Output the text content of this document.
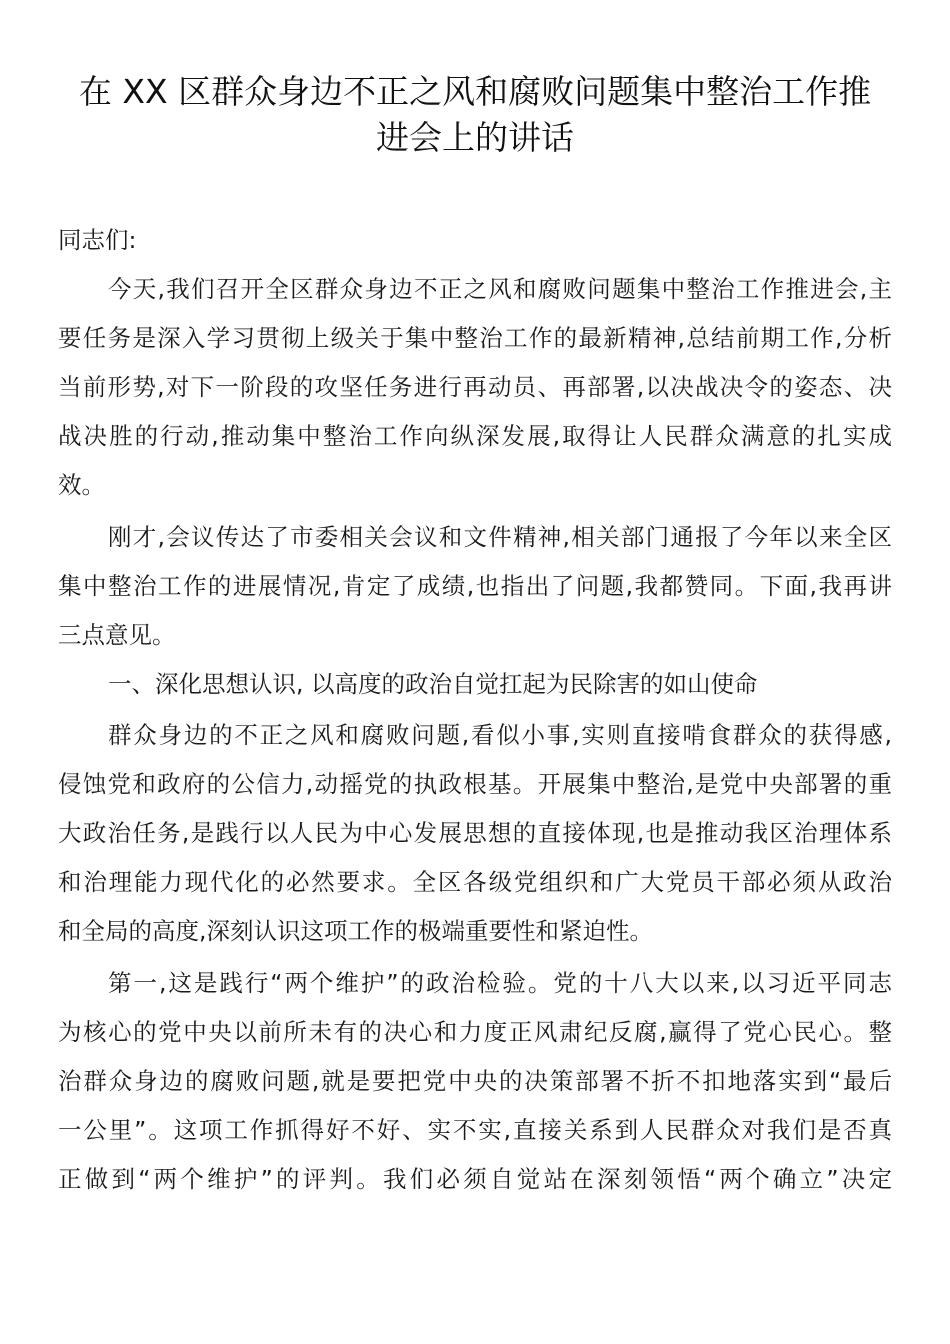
在 XX 区群众身边不正之风和腐败问题集中整治工作推
进会上的讲话
同志们:
今天,我们召开全区群众身边不正之风和腐败问题集中整治工作推进会,主
要任务是深入学习贯彻上级关于集中整治工作的最新精神,总结前期工作,分析
当前形势,对下一阶段的攻坚任务进行再动员、再部署,以决战决令的姿态、决
战决胜的行动,推动集中整治工作向纵深发展,取得让人民群众满意的扎实成
效。
刚才,会议传达了市委相关会议和文件精神,相关部门通报了今年以来全区
集中整治工作的进展情况,肯定了成绩,也指出了问题,我都赞同。下面,我再讲
三点意见。
一、深化思想认识, 以高度的政治自觉扛起为民除害的如山使命
群众身边的不正之风和腐败问题,看似小事,实则直接啃食群众的获得感,
侵蚀党和政府的公信力,动摇党的执政根基。开展集中整治,是党中央部署的重
大政治任务,是践行以人民为中心发展思想的直接体现,也是推动我区治理体系
和治理能力现代化的必然要求。全区各级党组织和广大党员干部必须从政治
和全局的高度,深刻认识这项工作的极端重要性和紧迫性。
第一,这是践行“两个维护”的政治检验。党的十八大以来,以习近平同志
为核心的党中央以前所未有的决心和力度正风肃纪反腐,赢得了党心民心。整
治群众身边的腐败问题,就是要把党中央的决策部署不折不扣地落实到“最后
一公里”。这项工作抓得好不好、实不实,直接关系到人民群众对我们是否真
正做到“两个维护”的评判。我们必须自觉站在深刻领悟“两个确立”决定
